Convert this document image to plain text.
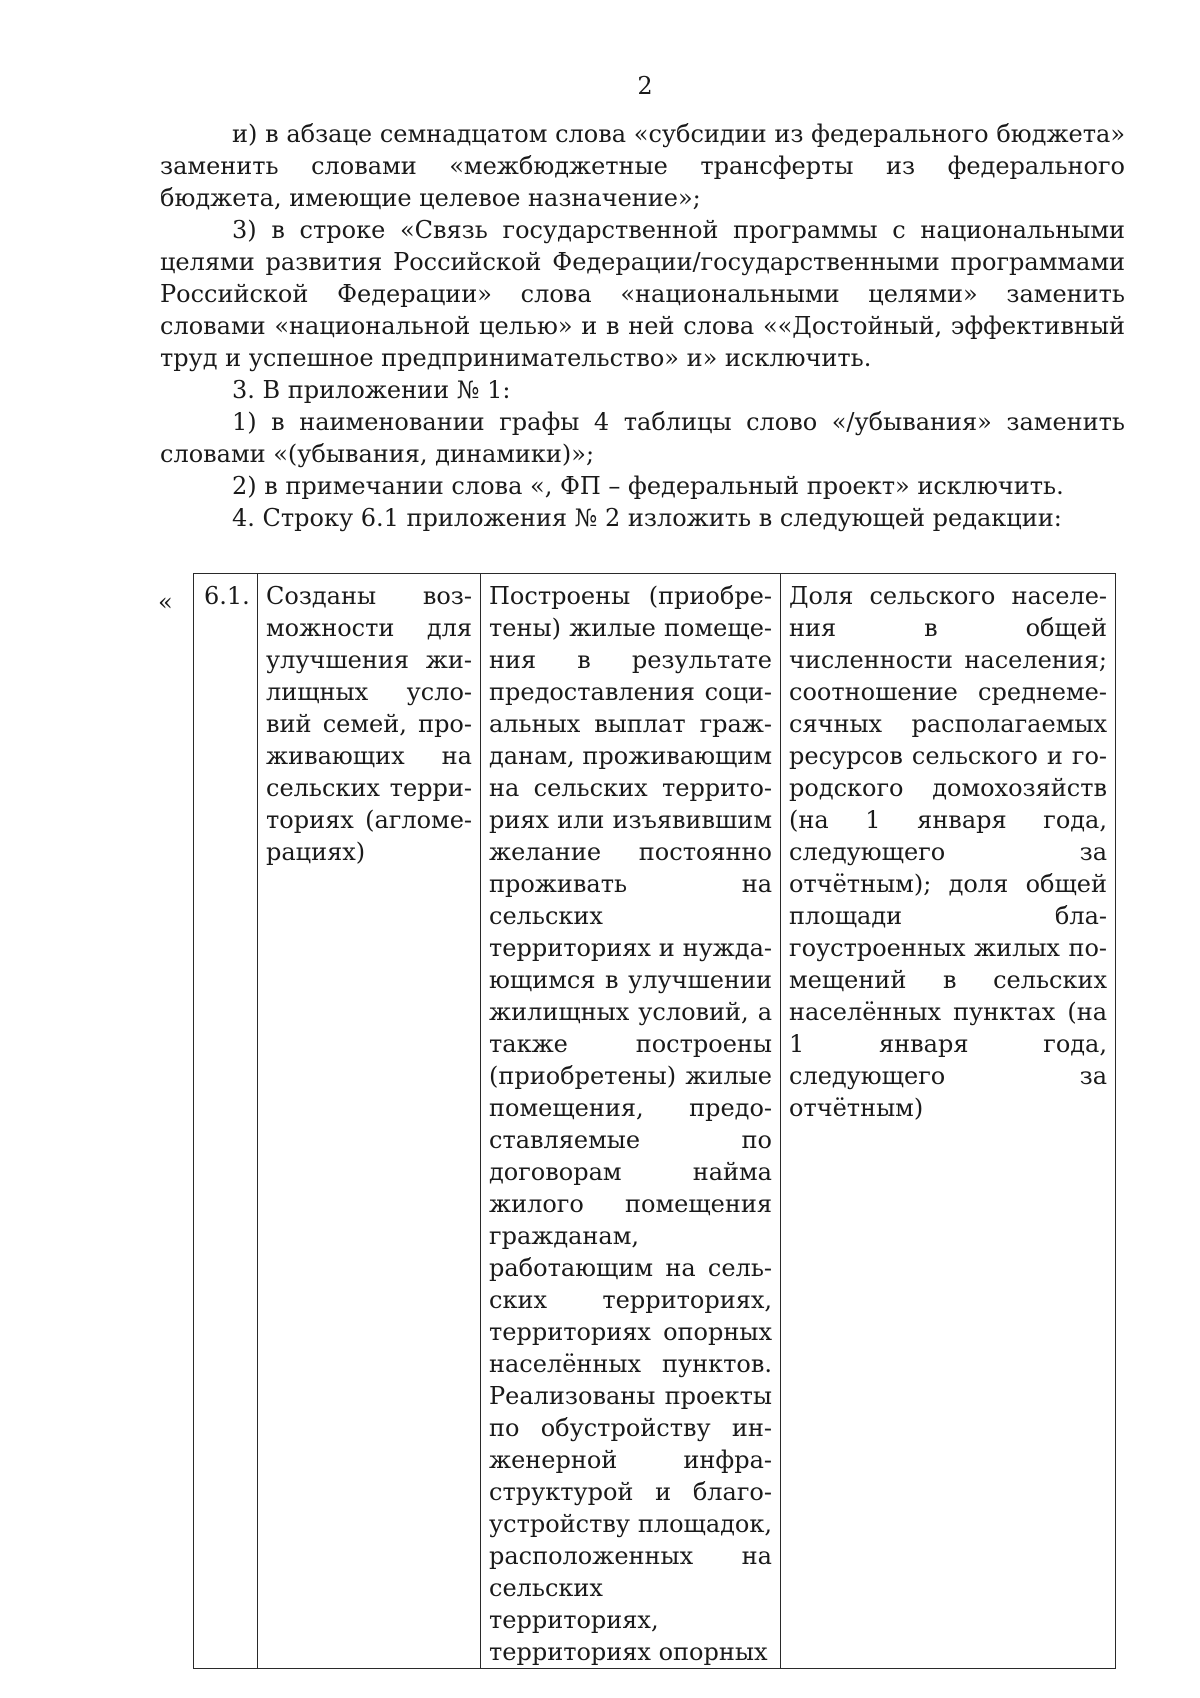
2

и) в абзаце семнадцатом слова «субсидии из федерального бюджета» заменить словами «межбюджетные трансферты из федерального бюджета, имеющие целевое назначение»;

3) в строке «Связь государственной программы с национальными целями развития Российской Федерации/государственными программами Российской Федерации» слова «национальными целями» заменить словами «национальной целью» и в ней слова ««Достойный, эффективный труд и успешное предпринимательство» и» исключить.

3. В приложении № 1:

1) в наименовании графы 4 таблицы слово «/убывания» заменить словами «(убывания, динамики)»;

2) в примечании слова «, ФП – федеральный проект» исключить.

4. Строку 6.1 приложения № 2 изложить в следующей редакции:

« 6.1.	Созданы возможности для улучшения жилищных условий семей, проживающих на сельских территориях (агломерациях)	Построены (приобретены) жилые помещения в результате предоставления социальных выплат гражданам, проживающим на сельских территориях или изъявившим желание постоянно проживать на сельских территориях и нуждающимся в улучшении жилищных условий, а также построены (приобретены) жилые помещения, предоставляемые по договорам найма жилого помещения гражданам, работающим на сельских территориях, территориях опорных населённых пунктов. Реализованы проекты по обустройству инженерной инфраструктурой и благоустройству площадок, расположенных на сельских территориях, территориях опорных	Доля сельского населения в общей численности населения; соотношение среднемесячных располагаемых ресурсов сельского и городского домохозяйств (на 1 января года, следующего за отчётным); доля общей площади благоустроенных жилых помещений в сельских населённых пунктах (на 1 января года, следующего за отчётным)
